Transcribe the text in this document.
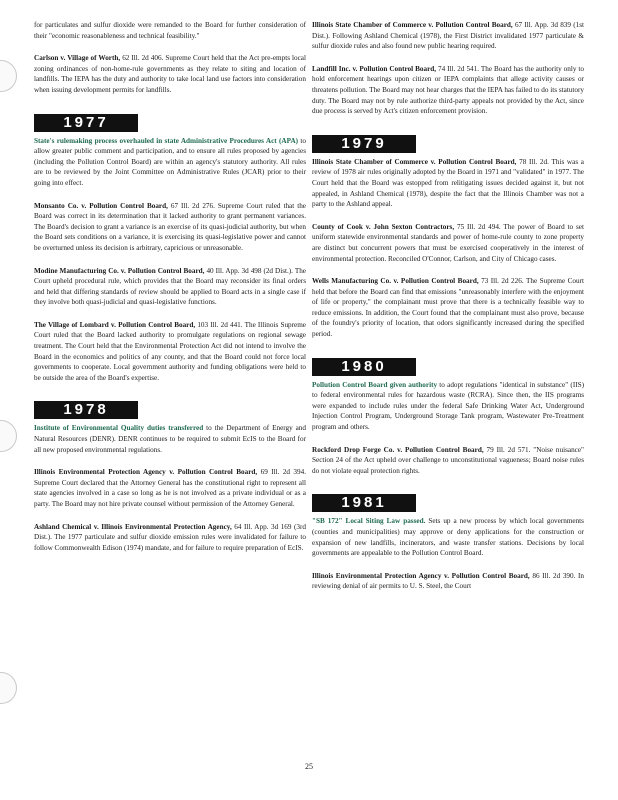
for particulates and sulfur dioxide were remanded to the Board for further consideration of their "economic reasonableness and technical feasibility."

Carlson v. Village of Worth, 62 Ill. 2d 406. Supreme Court held that the Act pre-empts local zoning ordinances of non-home-rule governments as they relate to siting and location of landfills. The IEPA has the duty and authority to take local land use factors into consideration when issuing development permits for landfills.

1977

State's rulemaking process overhauled in state Administrative Procedures Act (APA) to allow greater public comment and participation, and to ensure all rules proposed by agencies (including the Pollution Control Board) are within an agency's statutory authority. All rules are to be reviewed by the Joint Committee on Administrative Rules (JCAR) prior to their going into effect.

Monsanto Co. v. Pollution Control Board, 67 Ill. 2d 276. Supreme Court ruled that the Board was correct in its determination that it lacked authority to grant permanent variances. The Board's decision to grant a variance is an exercise of its quasi-judicial authority, but when the Board sets conditions on a variance, it is exercising its quasi-legislative power and cannot be overturned unless its decision is arbitrary, capricious or unreasonable.

Modine Manufacturing Co. v. Pollution Control Board, 40 Ill. App. 3d 498 (2d Dist.). The Court upheld procedural rule, which provides that the Board may reconsider its final orders and held that differing standards of review should be applied to Board acts in a single case if they involve both quasi-judicial and quasi-legislative functions.

The Village of Lombard v. Pollution Control Board, 103 Ill. 2d 441. The Illinois Supreme Court ruled that the Board lacked authority to promulgate regulations on regional sewage treatment. The Court held that the Environmental Protection Act did not intend to involve the Board in the economics and politics of any county, and that the Board could not force local governments to cooperate. Local government authority and funding obligations were held to be outside the area of the Board's expertise.

1978

Institute of Environmental Quality duties transferred to the Department of Energy and Natural Resources (DENR). DENR continues to be required to submit EcIS to the Board for all new proposed environmental regulations.

Illinois Environmental Protection Agency v. Pollution Control Board, 69 Ill. 2d 394. Supreme Court declared that the Attorney General has the constitutional right to represent all state agencies involved in a case so long as he is not involved as a private individual or as a party. The Board may not hire private counsel without permission of the Attorney General.

Ashland Chemical v. Illinois Environmental Protection Agency, 64 Ill. App. 3d 169 (3rd Dist.). The 1977 particulate and sulfur dioxide emission rules were invalidated for failure to follow Commonwealth Edison (1974) mandate, and for failure to require preparation of EcIS.

Illinois State Chamber of Commerce v. Pollution Control Board, 67 Ill. App. 3d 839 (1st Dist.). Following Ashland Chemical (1978), the First District invalidated 1977 particulate & sulfur dioxide rules and also found new public hearing required.

Landfill Inc. v. Pollution Control Board, 74 Ill. 2d 541. The Board has the authority only to hold enforcement hearings upon citizen or IEPA complaints that allege activity causes or threatens pollution. The Board may not hear charges that the IEPA has failed to do its statutory duty. The Board may not by rule authorize third-party appeals not provided by the Act, since due process is served by Act's citizen enforcement provision.

1979

Illinois State Chamber of Commerce v. Pollution Control Board, 78 Ill. 2d. This was a review of 1978 air rules originally adopted by the Board in 1971 and "validated" in 1977. The Court held that the Board was estopped from relitigating issues decided against it, but not appealed, in Ashland Chemical (1978), despite the fact that the Illinois Chamber was not a party to the Ashland appeal.

County of Cook v. John Sexton Contractors, 75 Ill. 2d 494. The power of Board to set uniform statewide environmental standards and power of home-rule county to zone property are distinct but concurrent powers that must be exercised cooperatively in the interest of environmental protection. Reconciled O'Connor, Carlson, and City of Chicago cases.

Wells Manufacturing Co. v. Pollution Control Board, 73 Ill. 2d 226. The Supreme Court held that before the Board can find that emissions "unreasonably interfere with the enjoyment of life or property," the complainant must prove that there is a technically feasible way to reduce emissions. In addition, the Court found that the complainant must also prove, because of the foundry's priority of location, that odors significantly increased during the specified period.

1980

Pollution Control Board given authority to adopt regulations "identical in substance" (IIS) to federal environmental rules for hazardous waste (RCRA). Since then, the IIS programs were expanded to include rules under the federal Safe Drinking Water Act, Underground Injection Control Program, Underground Storage Tank program, Wastewater Pre-Treatment program and others.

Rockford Drop Forge Co. v. Pollution Control Board, 79 Ill. 2d 571. "Noise nuisance" Section 24 of the Act upheld over challenge to unconstitutional vagueness; Board noise rules do not violate equal protection rights.

1981

"SB 172" Local Siting Law passed. Sets up a new process by which local governments (counties and municipalities) may approve or deny applications for the construction or expansion of new landfills, incinerators, and waste transfer stations. Decisions by local governments are appealable to the Pollution Control Board.

Illinois Environmental Protection Agency v. Pollution Control Board, 86 Ill. 2d 390. In reviewing denial of air permits to U. S. Steel, the Court

25
